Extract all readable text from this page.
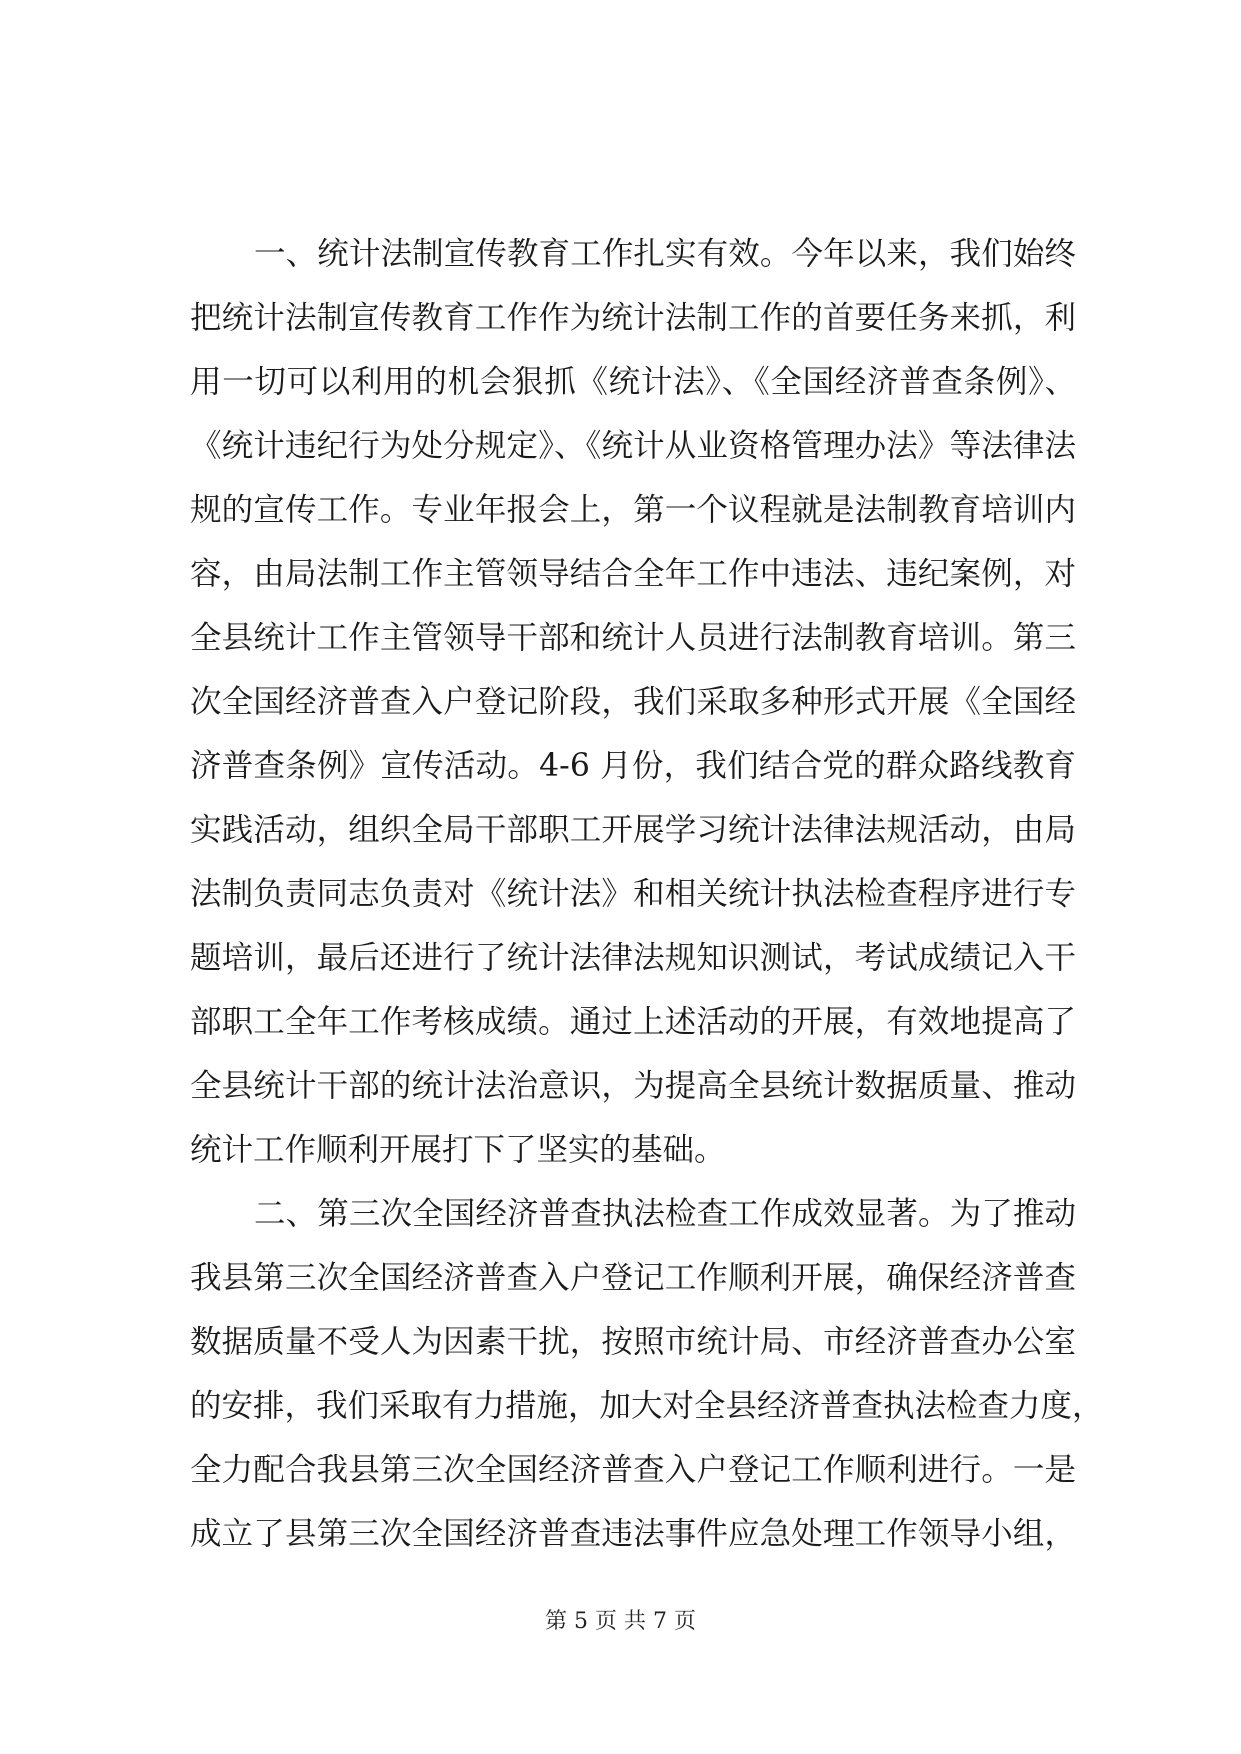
一、统计法制宣传教育工作扎实有效。今年以来，我们始终
把统计法制宣传教育工作作为统计法制工作的首要任务来抓，利
用一切可以利用的机会狠抓《统计法》、《全国经济普查条例》、
《统计违纪行为处分规定》、《统计从业资格管理办法》等法律法
规的宣传工作。专业年报会上，第一个议程就是法制教育培训内
容，由局法制工作主管领导结合全年工作中违法、违纪案例，对
全县统计工作主管领导干部和统计人员进行法制教育培训。第三
次全国经济普查入户登记阶段，我们采取多种形式开展《全国经
济普查条例》宣传活动。4-6 月份，我们结合党的群众路线教育
实践活动，组织全局干部职工开展学习统计法律法规活动，由局
法制负责同志负责对《统计法》和相关统计执法检查程序进行专
题培训，最后还进行了统计法律法规知识测试，考试成绩记入干
部职工全年工作考核成绩。通过上述活动的开展，有效地提高了
全县统计干部的统计法治意识，为提高全县统计数据质量、推动
统计工作顺利开展打下了坚实的基础。
二、第三次全国经济普查执法检查工作成效显著。为了推动
我县第三次全国经济普查入户登记工作顺利开展，确保经济普查
数据质量不受人为因素干扰，按照市统计局、市经济普查办公室
的安排，我们采取有力措施，加大对全县经济普查执法检查力度，
全力配合我县第三次全国经济普查入户登记工作顺利进行。一是
成立了县第三次全国经济普查违法事件应急处理工作领导小组，
第 5 页 共 7 页
